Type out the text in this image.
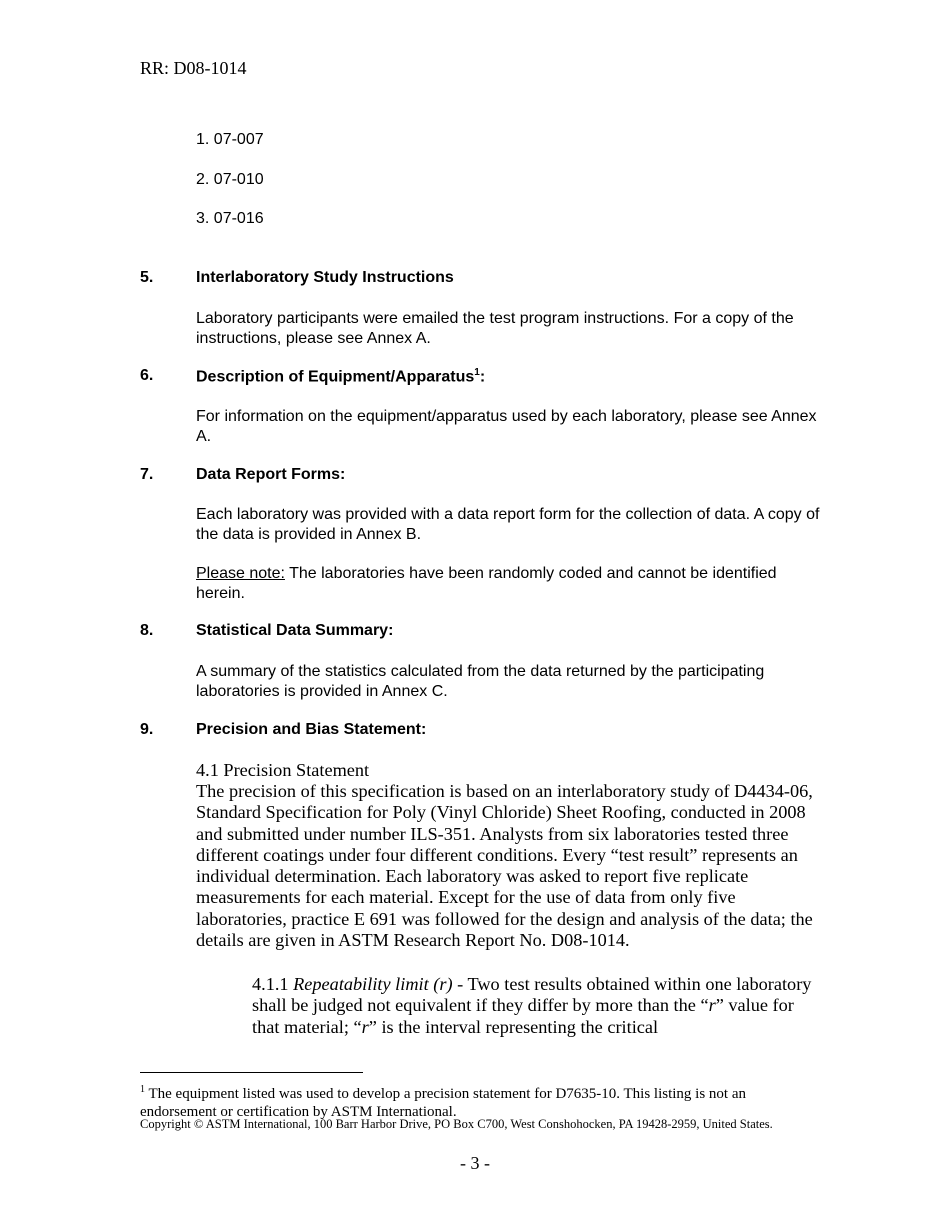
RR: D08-1014
1. 07-007
2. 07-010
3. 07-016
5.	Interlaboratory Study Instructions
Laboratory participants were emailed the test program instructions. For a copy of the instructions, please see Annex A.
6.	Description of Equipment/Apparatus$^1$:
For information on the equipment/apparatus used by each laboratory, please see Annex A.
7.	Data Report Forms:
Each laboratory was provided with a data report form for the collection of data. A copy of the data is provided in Annex B.
Please note: The laboratories have been randomly coded and cannot be identified herein.
8.	Statistical Data Summary:
A summary of the statistics calculated from the data returned by the participating laboratories is provided in Annex C.
9.	Precision and Bias Statement:
4.1 Precision Statement
The precision of this specification is based on an interlaboratory study of D4434-06, Standard Specification for Poly (Vinyl Chloride) Sheet Roofing, conducted in 2008 and submitted under number ILS-351. Analysts from six laboratories tested three different coatings under four different conditions. Every “test result” represents an individual determination. Each laboratory was asked to report five replicate measurements for each material. Except for the use of data from only five laboratories, practice E 691 was followed for the design and analysis of the data; the details are given in ASTM Research Report No. D08-1014.
4.1.1 Repeatability limit (r) - Two test results obtained within one laboratory shall be judged not equivalent if they differ by more than the “r” value for that material; “r” is the interval representing the critical
$^1$ The equipment listed was used to develop a precision statement for D7635-10. This listing is not an endorsement or certification by ASTM International.
Copyright © ASTM International, 100 Barr Harbor Drive, PO Box C700, West Conshohocken, PA 19428-2959, United States.
- 3 -
